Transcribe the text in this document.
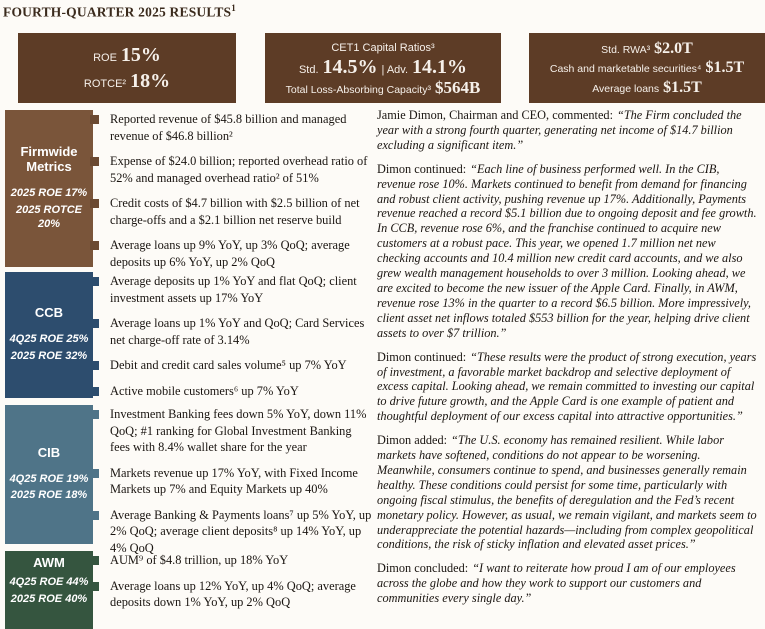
FOURTH-QUARTER 2025 RESULTS$^1$
ROE 15%
ROTCE² 18%
CET1 Capital Ratios³
Std. 14.5% | Adv. 14.1%
Total Loss-Absorbing Capacity³ $564B
Std. RWA³ $2.0T
Cash and marketable securities⁴ $1.5T
Average loans $1.5T
Firmwide Metrics
2025 ROE 17%
2025 ROTCE 20%
Reported revenue of $45.8 billion and managed revenue of $46.8 billion²
Expense of $24.0 billion; reported overhead ratio of 52% and managed overhead ratio² of 51%
Credit costs of $4.7 billion with $2.5 billion of net charge-offs and a $2.1 billion net reserve build
Average loans up 9% YoY, up 3% QoQ; average deposits up 6% YoY, up 2% QoQ
CCB
4Q25 ROE 25%
2025 ROE 32%
Average deposits up 1% YoY and flat QoQ; client investment assets up 17% YoY
Average loans up 1% YoY and QoQ; Card Services net charge-off rate of 3.14%
Debit and credit card sales volume⁵ up 7% YoY
Active mobile customers⁶ up 7% YoY
CIB
4Q25 ROE 19%
2025 ROE 18%
Investment Banking fees down 5% YoY, down 11% QoQ; #1 ranking for Global Investment Banking fees with 8.4% wallet share for the year
Markets revenue up 17% YoY, with Fixed Income Markets up 7% and Equity Markets up 40%
Average Banking & Payments loans⁷ up 5% YoY, up 2% QoQ; average client deposits⁸ up 14% YoY, up 4% QoQ
AWM
4Q25 ROE 44%
2025 ROE 40%
AUM⁹ of $4.8 trillion, up 18% YoY
Average loans up 12% YoY, up 4% QoQ; average deposits down 1% YoY, up 2% QoQ

Jamie Dimon, Chairman and CEO, commented: “The Firm concluded the year with a strong fourth quarter, generating net income of $14.7 billion excluding a significant item.”

Dimon continued: “Each line of business performed well. In the CIB, revenue rose 10%. Markets continued to benefit from demand for financing and robust client activity, pushing revenue up 17%. Additionally, Payments revenue reached a record $5.1 billion due to ongoing deposit and fee growth. In CCB, revenue rose 6%, and the franchise continued to acquire new customers at a robust pace. This year, we opened 1.7 million net new checking accounts and 10.4 million new credit card accounts, and we also grew wealth management households to over 3 million. Looking ahead, we are excited to become the new issuer of the Apple Card. Finally, in AWM, revenue rose 13% in the quarter to a record $6.5 billion. More impressively, client asset net inflows totaled $553 billion for the year, helping drive client assets to over $7 trillion.”

Dimon continued: “These results were the product of strong execution, years of investment, a favorable market backdrop and selective deployment of excess capital. Looking ahead, we remain committed to investing our capital to drive future growth, and the Apple Card is one example of patient and thoughtful deployment of our excess capital into attractive opportunities.”

Dimon added: “The U.S. economy has remained resilient. While labor markets have softened, conditions do not appear to be worsening. Meanwhile, consumers continue to spend, and businesses generally remain healthy. These conditions could persist for some time, particularly with ongoing fiscal stimulus, the benefits of deregulation and the Fed’s recent monetary policy. However, as usual, we remain vigilant, and markets seem to underappreciate the potential hazards—including from complex geopolitical conditions, the risk of sticky inflation and elevated asset prices.”

Dimon concluded: “I want to reiterate how proud I am of our employees across the globe and how they work to support our customers and communities every single day.”
